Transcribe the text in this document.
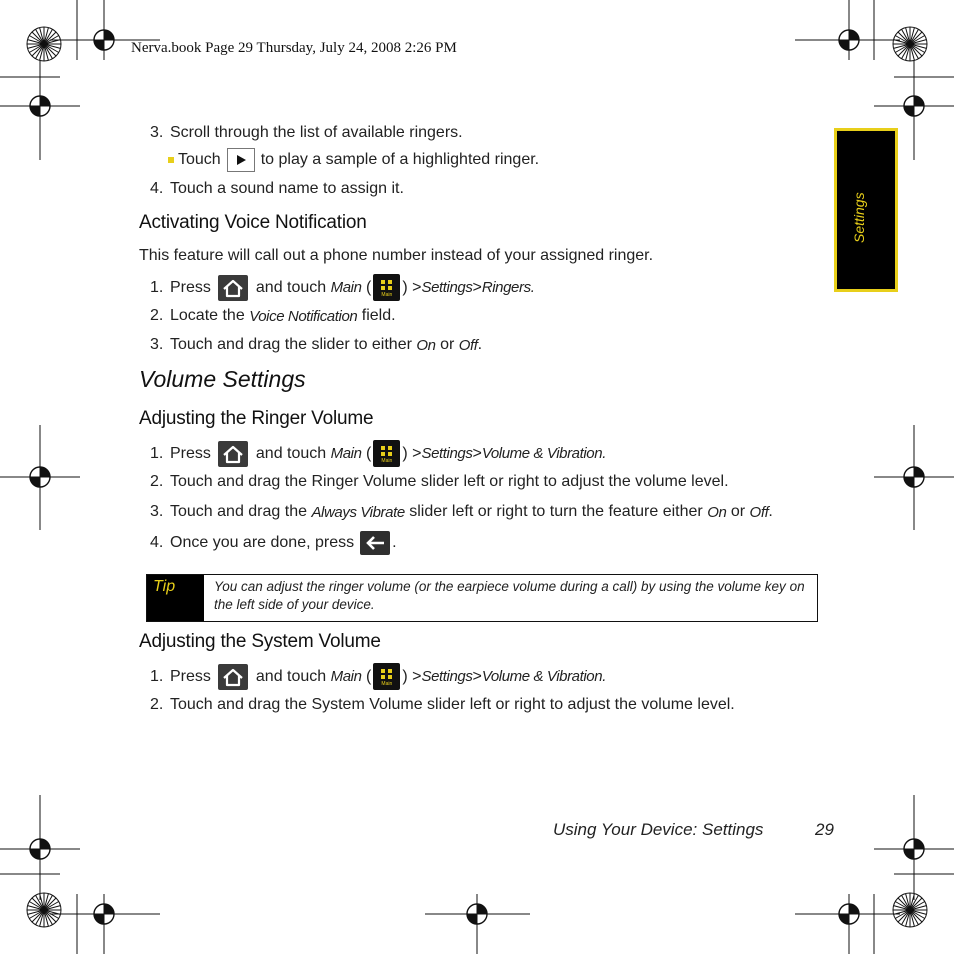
Nerva.book Page 29 Thursday, July 24, 2008 2:26 PM
Settings
3. Scroll through the list of available ringers.
Touch	to play a sample of a highlighted ringer.
4. Touch a sound name to assign it.
Activating Voice Notification
This feature will call out a phone number instead of your assigned ringer.
1. Press	and touch
Main
(	Main )
> Settings > Ringers .
2. Locate the
Voice Notification
field.
3. Touch and drag the slider to either
On
or
Off .
Volume Settings
Adjusting the Ringer Volume
1. Press	and touch
Main
(	Main )
> Settings > Volume & Vibration .
2. Touch and drag the Ringer Volume slider left or right to adjust the volume level.
3. Touch and drag the
Always Vibrate
slider left or right to turn the feature either
On
or
Off .
4. Once you are done, press .
Tip	You can adjust the ringer volume (or the earpiece volume during a call) by using the volume key on the left side of your device.
Adjusting the System Volume
1. Press	and touch
Main
(	Main )
> Settings > Volume & Vibration .
2. Touch and drag the System Volume slider left or right to adjust the volume level.
Using Your Device: Settings	29
